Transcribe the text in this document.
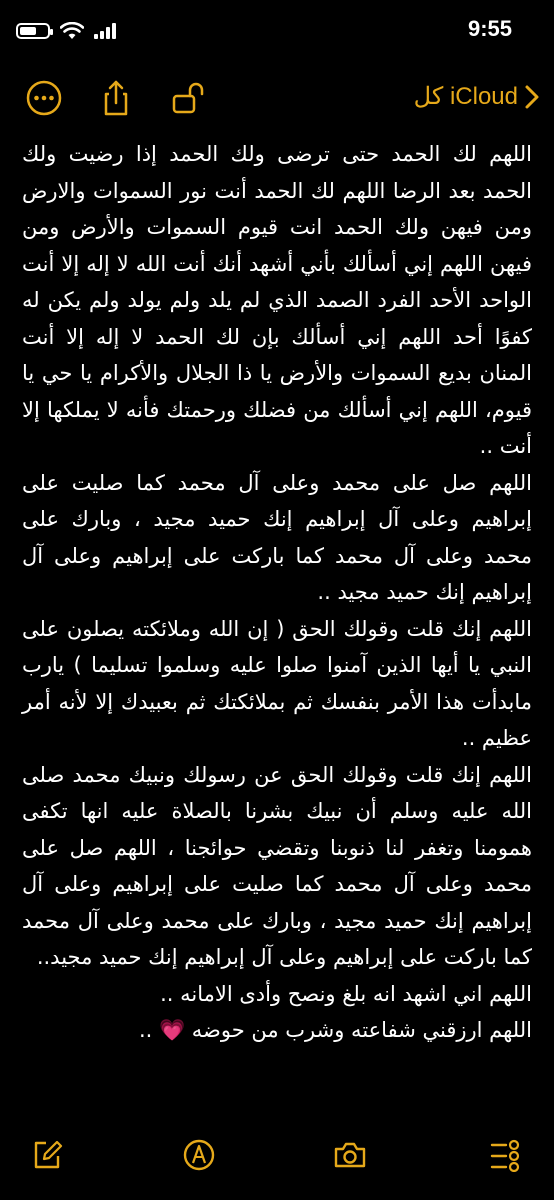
9:55
كل iCloud

اللهم لك الحمد حتى ترضى ولك الحمد إذا رضيت ولك الحمد بعد الرضا اللهم لك الحمد أنت نور السموات والارض ومن فيهن ولك الحمد انت قيوم السموات والأرض ومن فيهن اللهم إني أسألك بأني أشهد أنك أنت الله لا إله إلا أنت الواحد الأحد الفرد الصمد الذي لم يلد ولم يولد ولم يكن له كفوًا أحد اللهم إني أسألك بإن لك الحمد لا إله إلا أنت المنان بديع السموات والأرض يا ذا الجلال والأكرام يا حي يا قيوم، اللهم إني أسألك من فضلك ورحمتك فأنه لا يملكها إلا أنت ..

اللهم صل على محمد وعلى آل محمد كما صليت على إبراهيم وعلى آل إبراهيم إنك حميد مجيد ، وبارك على محمد وعلى آل محمد كما باركت على إبراهيم وعلى آل إبراهيم إنك حميد مجيد ..

اللهم إنك قلت وقولك الحق ( إن الله وملائكته يصلون على النبي يا أيها الذين آمنوا صلوا عليه وسلموا تسليما ) يارب مابدأت هذا الأمر بنفسك ثم بملائكتك ثم بعبيدك إلا لأنه أمر عظيم ..

اللهم إنك قلت وقولك الحق عن رسولك ونبيك محمد صلى الله عليه وسلم أن نبيك بشرنا بالصلاة عليه انها تكفى همومنا وتغفر لنا ذنوبنا وتقضي حوائجنا ، اللهم صل على محمد وعلى آل محمد كما صليت على إبراهيم وعلى آل إبراهيم إنك حميد مجيد ، وبارك على محمد وعلى آل محمد كما باركت على إبراهيم وعلى آل إبراهيم إنك حميد مجيد..

اللهم اني اشهد انه بلغ ونصح وأدى الامانه ..

اللهم ارزقني شفاعته وشرب من حوضه 💗 ..
